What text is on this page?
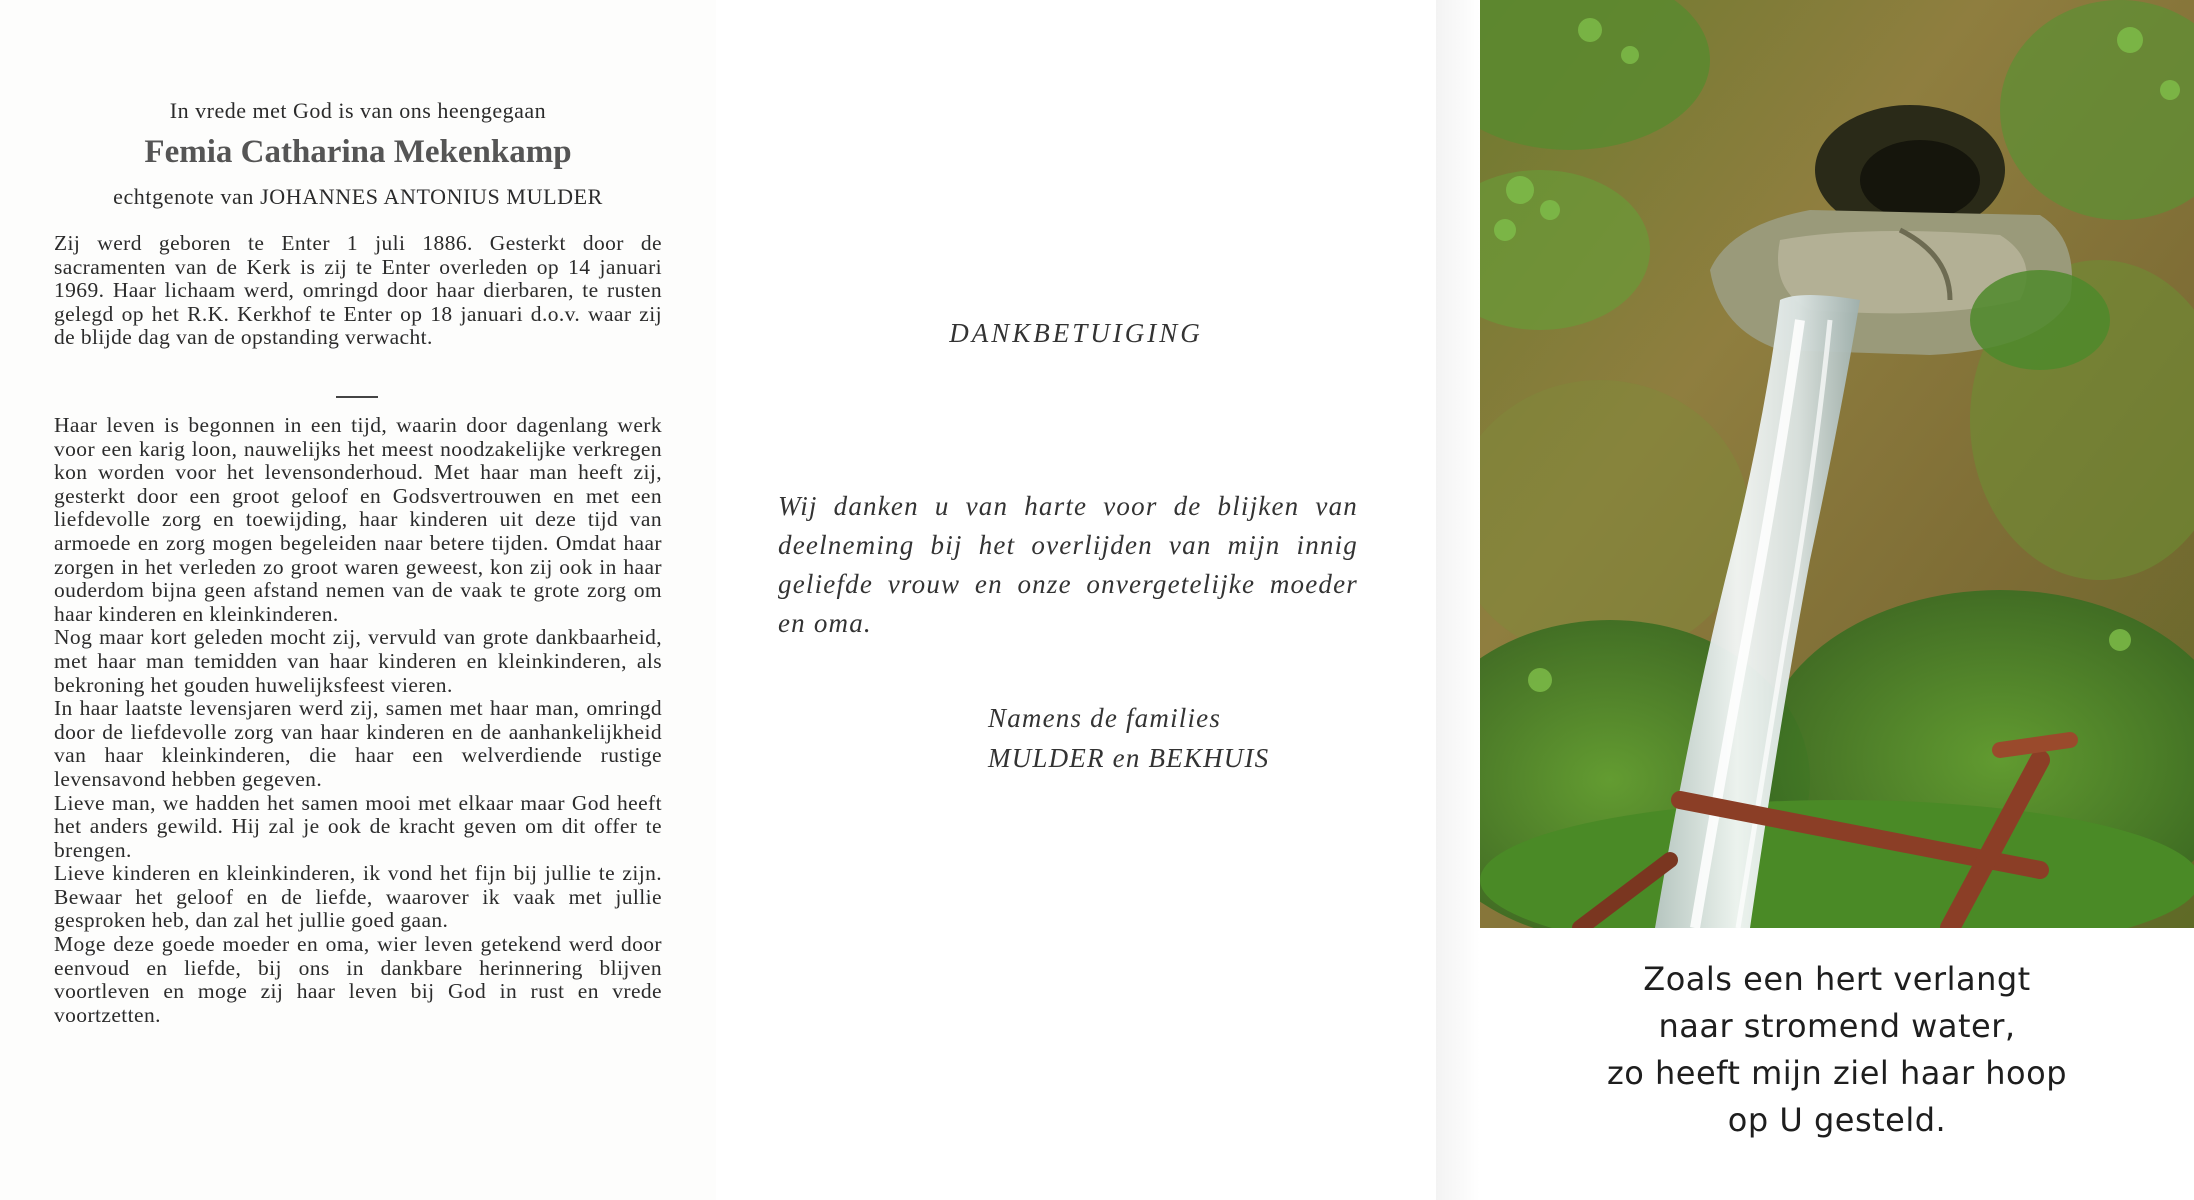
In vrede met God is van ons heengegaan
Femia Catharina Mekenkamp
echtgenote van JOHANNES ANTONIUS MULDER

Zij werd geboren te Enter 1 juli 1886. Gesterkt door de sacramenten van de Kerk is zij te Enter overleden op 14 januari 1969. Haar lichaam werd, omringd door haar dierbaren, te rusten gelegd op het R.K. Kerkhof te Enter op 18 januari d.o.v. waar zij de blijde dag van de opstanding verwacht.

Haar leven is begonnen in een tijd, waarin door dagenlang werk voor een karig loon, nauwelijks het meest noodzakelijke verkregen kon worden voor het levensonderhoud. Met haar man heeft zij, gesterkt door een groot geloof en Godsvertrouwen en met een liefdevolle zorg en toewijding, haar kinderen uit deze tijd van armoede en zorg mogen begeleiden naar betere tijden. Omdat haar zorgen in het verleden zo groot waren geweest, kon zij ook in haar ouderdom bijna geen afstand nemen van de vaak te grote zorg om haar kinderen en kleinkinderen.

Nog maar kort geleden mocht zij, vervuld van grote dankbaarheid, met haar man temidden van haar kinderen en kleinkinderen, als bekroning het gouden huwelijksfeest vieren.

In haar laatste levensjaren werd zij, samen met haar man, omringd door de liefdevolle zorg van haar kinderen en de aanhankelijkheid van haar kleinkinderen, die haar een welverdiende rustige levensavond hebben gegeven.

Lieve man, we hadden het samen mooi met elkaar maar God heeft het anders gewild. Hij zal je ook de kracht geven om dit offer te brengen.

Lieve kinderen en kleinkinderen, ik vond het fijn bij jullie te zijn. Bewaar het geloof en de liefde, waarover ik vaak met jullie gesproken heb, dan zal het jullie goed gaan.

Moge deze goede moeder en oma, wier leven getekend werd door eenvoud en liefde, bij ons in dankbare herinnering blijven voortleven en moge zij haar leven bij God in rust en vrede voortzetten.

DANKBETUIGING

Wij danken u van harte voor de blijken van deelneming bij het overlijden van mijn innig geliefde vrouw en onze onvergetelijke moeder en oma.

Namens de families
MULDER en BEKHUIS
Zoals een hert verlangt
naar stromend water,
zo heeft mijn ziel haar hoop
op U gesteld.
